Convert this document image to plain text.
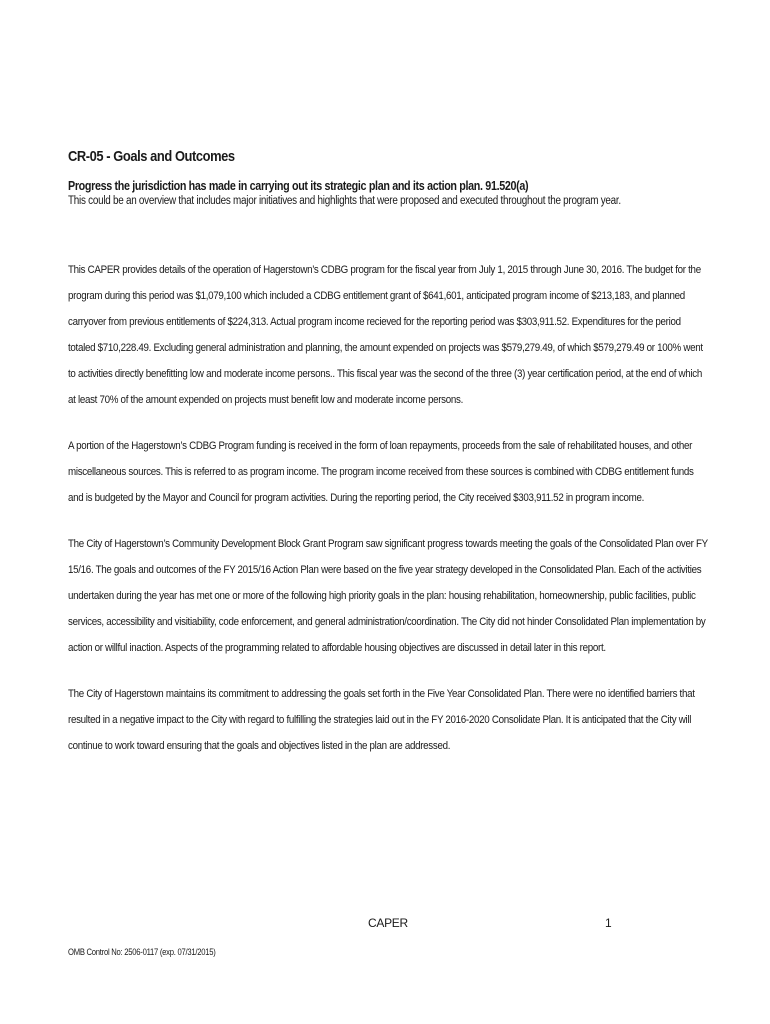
CR-05 - Goals and Outcomes
Progress the jurisdiction has made in carrying out its strategic plan and its action plan. 91.520(a)
This could be an overview that includes major initiatives and highlights that were proposed and executed throughout the program year.

This CAPER provides details of the operation of Hagerstown’s CDBG program for the fiscal year from July 1, 2015 through June 30, 2016. The budget for the program during this period was $1,079,100 which included a CDBG entitlement grant of $641,601, anticipated program income of $213,183, and planned carryover from previous entitlements of $224,313. Actual program income recieved for the reporting period was $303,911.52. Expenditures for the period totaled $710,228.49. Excluding general administration and planning, the amount expended on projects was $579,279.49, of which $579,279.49 or 100% went to activities directly benefitting low and moderate income persons.. This fiscal year was the second of the three (3) year certification period, at the end of which at least 70% of the amount expended on projects must benefit low and moderate income persons.

A portion of the Hagerstown’s CDBG Program funding is received in the form of loan repayments, proceeds from the sale of rehabilitated houses, and other miscellaneous sources. This is referred to as program income. The program income received from these sources is combined with CDBG entitlement funds and is budgeted by the Mayor and Council for program activities. During the reporting period, the City received $303,911.52 in program income.

The City of Hagerstown’s Community Development Block Grant Program saw significant progress towards meeting the goals of the Consolidated Plan over FY 15/16. The goals and outcomes of the FY 2015/16 Action Plan were based on the five year strategy developed in the Consolidated Plan. Each of the activities undertaken during the year has met one or more of the following high priority goals in the plan: housing rehabilitation, homeownership, public facilities, public services, accessibility and visitiability, code enforcement, and general administration/coordination. The City did not hinder Consolidated Plan implementation by action or willful inaction. Aspects of the programming related to affordable housing objectives are discussed in detail later in this report.

The City of Hagerstown maintains its commitment to addressing the goals set forth in the Five Year Consolidated Plan. There were no identified barriers that resulted in a negative impact to the City with regard to fulfilling the strategies laid out in the FY 2016-2020 Consolidate Plan. It is anticipated that the City will continue to work toward ensuring that the goals and objectives listed in the plan are addressed.

CAPER	1
OMB Control No: 2506-0117 (exp. 07/31/2015)
